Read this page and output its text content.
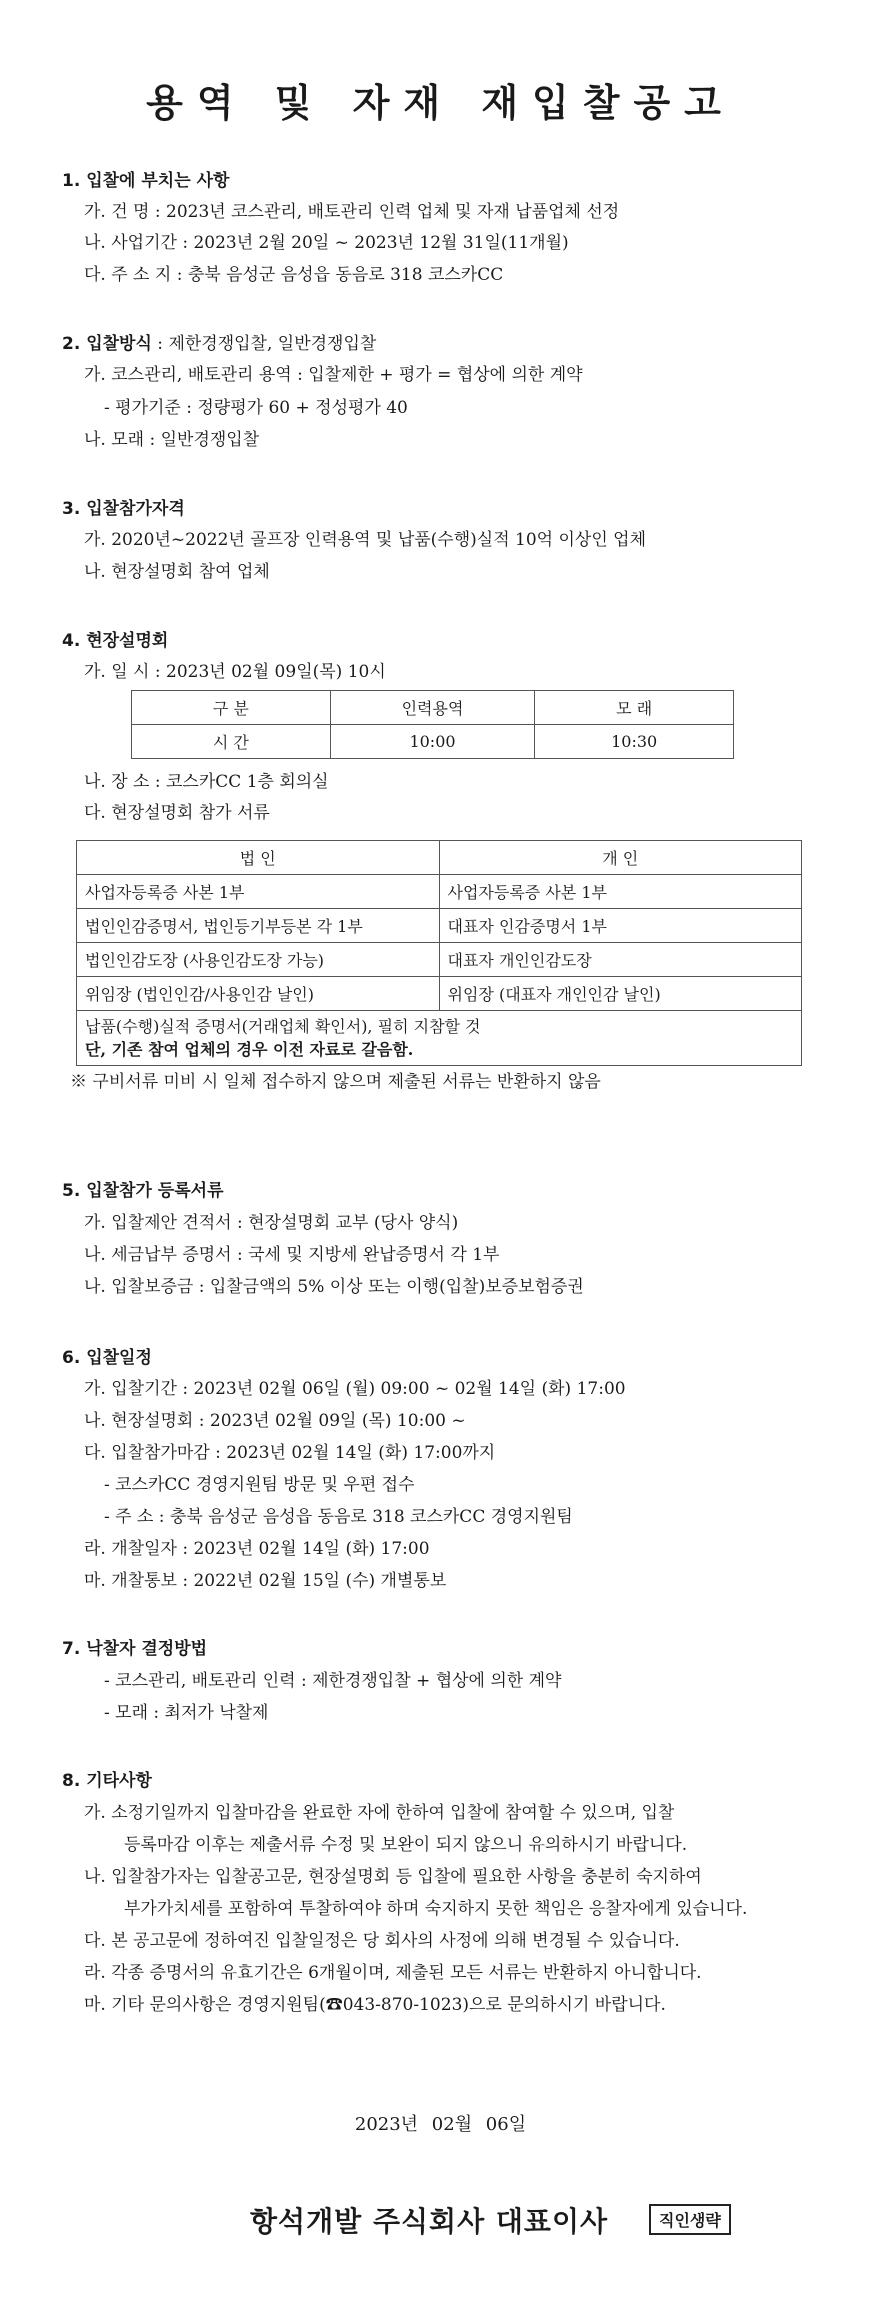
용역 및 자재 재입찰공고
1. 입찰에 부치는 사항
가. 건 명 : 2023년 코스관리, 배토관리 인력 업체 및 자재 납품업체 선정
나. 사업기간 : 2023년 2월 20일 ~ 2023년 12월 31일(11개월)
다. 주 소 지 : 충북 음성군 음성읍 동음로 318 코스카CC
2. 입찰방식 : 제한경쟁입찰, 일반경쟁입찰
가. 코스관리, 배토관리 용역 : 입찰제한 + 평가 = 협상에 의한 계약
- 평가기준 : 정량평가 60 + 정성평가 40
나. 모래 : 일반경쟁입찰
3. 입찰참가자격
가. 2020년~2022년 골프장 인력용역 및 납품(수행)실적 10억 이상인 업체
나. 현장설명회 참여 업체
4. 현장설명회
가. 일 시 : 2023년 02월 09일(목) 10시
구 분	인력용역	모 래
시 간	10:00	10:30
나. 장 소 : 코스카CC 1층 회의실
다. 현장설명회 참가 서류
법 인	개 인
사업자등록증 사본 1부	사업자등록증 사본 1부
법인인감증명서, 법인등기부등본 각 1부	대표자 인감증명서 1부
법인인감도장 (사용인감도장 가능)	대표자 개인인감도장
위임장 (법인인감/사용인감 날인)	위임장 (대표자 개인인감 날인)

납품(수행)실적 증명서(거래업체 확인서), 필히 지참할 것
단, 기존 참여 업체의 경우 이전 자료로 갈음함.	
※ 구비서류 미비 시 일체 접수하지 않으며 제출된 서류는 반환하지 않음
5. 입찰참가 등록서류
가. 입찰제안 견적서 : 현장설명회 교부 (당사 양식)
나. 세금납부 증명서 : 국세 및 지방세 완납증명서 각 1부
나. 입찰보증금 : 입찰금액의 5% 이상 또는 이행(입찰)보증보험증권
6. 입찰일정
가. 입찰기간 : 2023년 02월 06일 (월) 09:00 ~ 02월 14일 (화) 17:00
나. 현장설명회 : 2023년 02월 09일 (목) 10:00 ~
다. 입찰참가마감 : 2023년 02월 14일 (화) 17:00까지
- 코스카CC 경영지원팀 방문 및 우편 접수
- 주 소 : 충북 음성군 음성읍 동음로 318 코스카CC 경영지원팀
라. 개찰일자 : 2023년 02월 14일 (화) 17:00
마. 개찰통보 : 2022년 02월 15일 (수) 개별통보
7. 낙찰자 결정방법
- 코스관리, 배토관리 인력 : 제한경쟁입찰 + 협상에 의한 계약
- 모래 : 최저가 낙찰제
8. 기타사항
가. 소정기일까지 입찰마감을 완료한 자에 한하여 입찰에 참여할 수 있으며, 입찰
등록마감 이후는 제출서류 수정 및 보완이 되지 않으니 유의하시기 바랍니다.
나. 입찰참가자는 입찰공고문, 현장설명회 등 입찰에 필요한 사항을 충분히 숙지하여
부가가치세를 포함하여 투찰하여야 하며 숙지하지 못한 책임은 응찰자에게 있습니다.
다. 본 공고문에 정하여진 입찰일정은 당 회사의 사정에 의해 변경될 수 있습니다.
라. 각종 증명서의 유효기간은 6개월이며, 제출된 모든 서류는 반환하지 아니합니다.
마. 기타 문의사항은 경영지원팀(☎043-870-1023)으로 문의하시기 바랍니다.
2023년 02월 06일
항석개발 주식회사 대표이사	직인생략
